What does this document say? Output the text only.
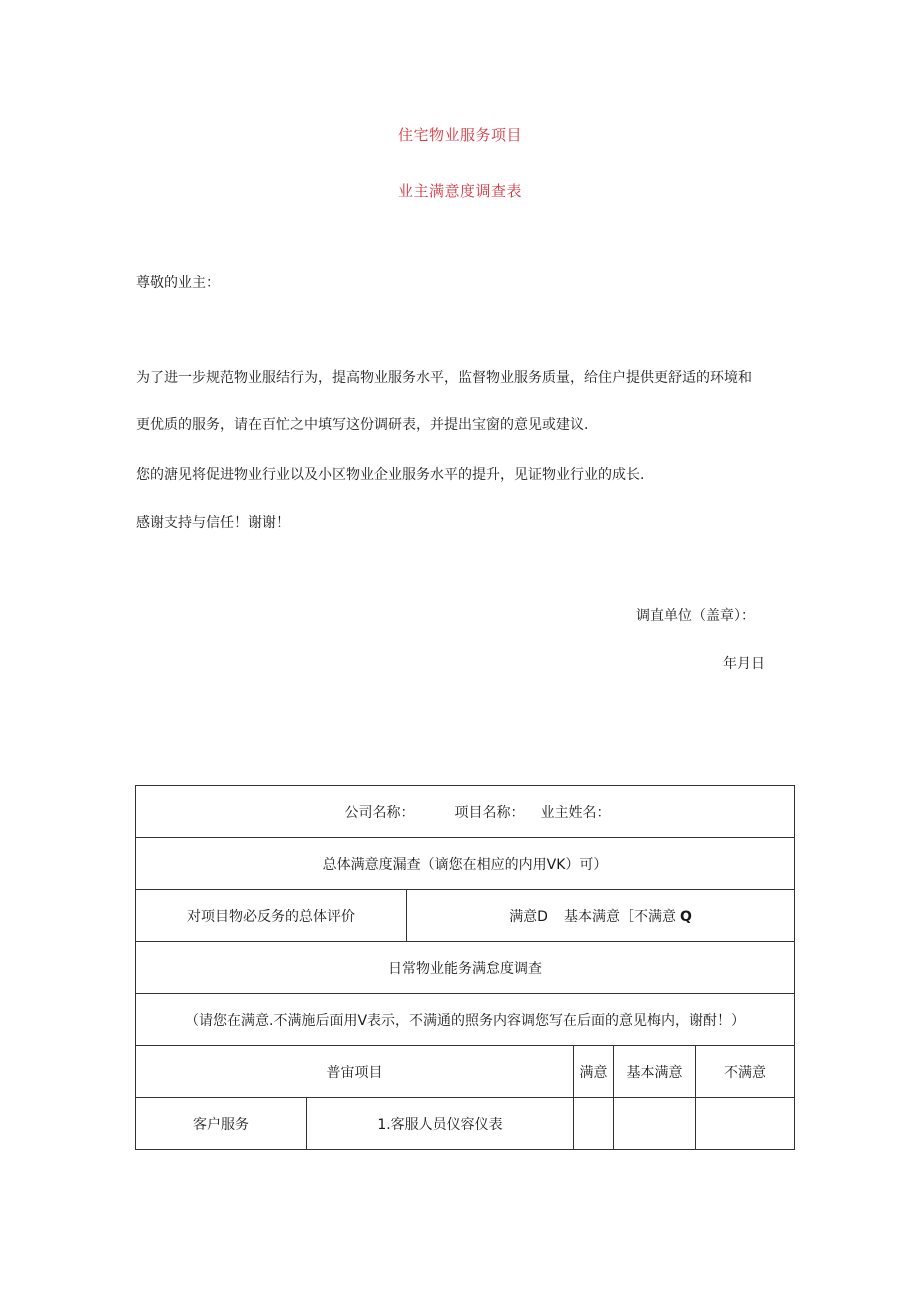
住宅物业服务项目
业主满意度调查表
尊敬的业主：
为了进一步规范物业服结行为，提高物业服务水平，监督物业服务质量，给住户提供更舒适的环境和
更优质的服务，请在百忙之中填写这份调研表，并提出宝窗的意见或建议.
您的溏见将促进物业行业以及小区物业企业服务水平的提升，见证物业行业的成长.
感谢支持与信任！谢谢！
调直单位（盖章）：
年月日
公司名称： 项目名称： 业主姓名：					
总体满意度漏查（谪您在相应的内用VK）可）					
对项目物必反务的总体评价		满意D 基本满意［不满意 Q			
日常物业能务满怠度调查					
（请您在满意.不满施后面用V表示，不满通的照务内容调您写在后面的意见梅内，谢酎！）					
普宙项目			满意	基本满意	不满意
客户服务	1.客服人员仪容仪表				
